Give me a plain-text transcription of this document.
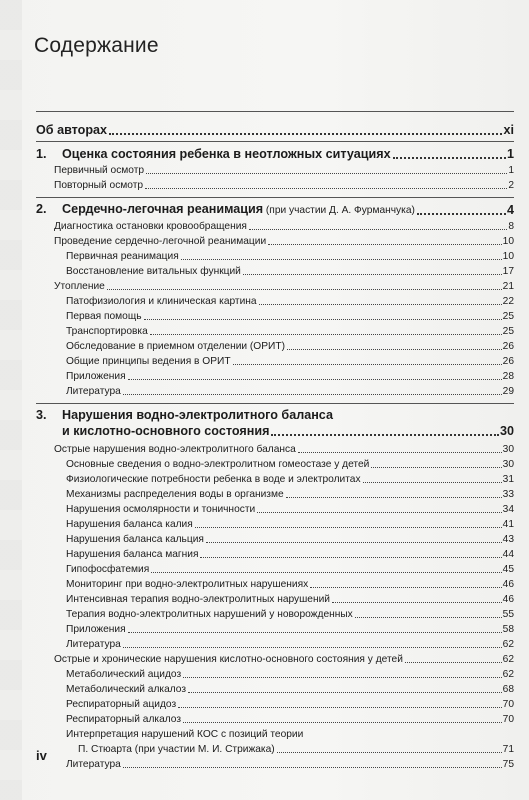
Содержание
Об авторах	xi
1. Оценка состояния ребенка в неотложных ситуациях	1
Первичный осмотр	1
Повторный осмотр	2
2. Сердечно-легочная реанимация (при участии Д. А. Фурманчука)	4
Диагностика остановки кровообращения	8
Проведение сердечно-легочной реанимации	10
Первичная реанимация	10
Восстановление витальных функций	17
Утопление	21
Патофизиология и клиническая картина	22
Первая помощь	25
Транспортировка	25
Обследование в приемном отделении (ОРИТ)	26
Общие принципы ведения в ОРИТ	26
Приложения	28
Литература	29
3. Нарушения водно-электролитного баланса
и кислотно-основного состояния	30
Острые нарушения водно-электролитного баланса	30
Основные сведения о водно-электролитном гомеостазе у детей	30
Физиологические потребности ребенка в воде и электролитах	31
Механизмы распределения воды в организме	33
Нарушения осмолярности и тоничности	34
Нарушения баланса калия	41
Нарушения баланса кальция	43
Нарушения баланса магния	44
Гипофосфатемия	45
Мониторинг при водно-электролитных нарушениях	46
Интенсивная терапия водно-электролитных нарушений	46
Терапия водно-электролитных нарушений у новорожденных	55
Приложения	58
Литература	62
Острые и хронические нарушения кислотно-основного состояния у детей	62
Метаболический ацидоз	62
Метаболический алкалоз	68
Респираторный ацидоз	70
Респираторный алкалоз	70
Интерпретация нарушений КОС с позиций теории
П. Стюарта (при участии М. И. Стрижака)	71
Литература	75
iv
